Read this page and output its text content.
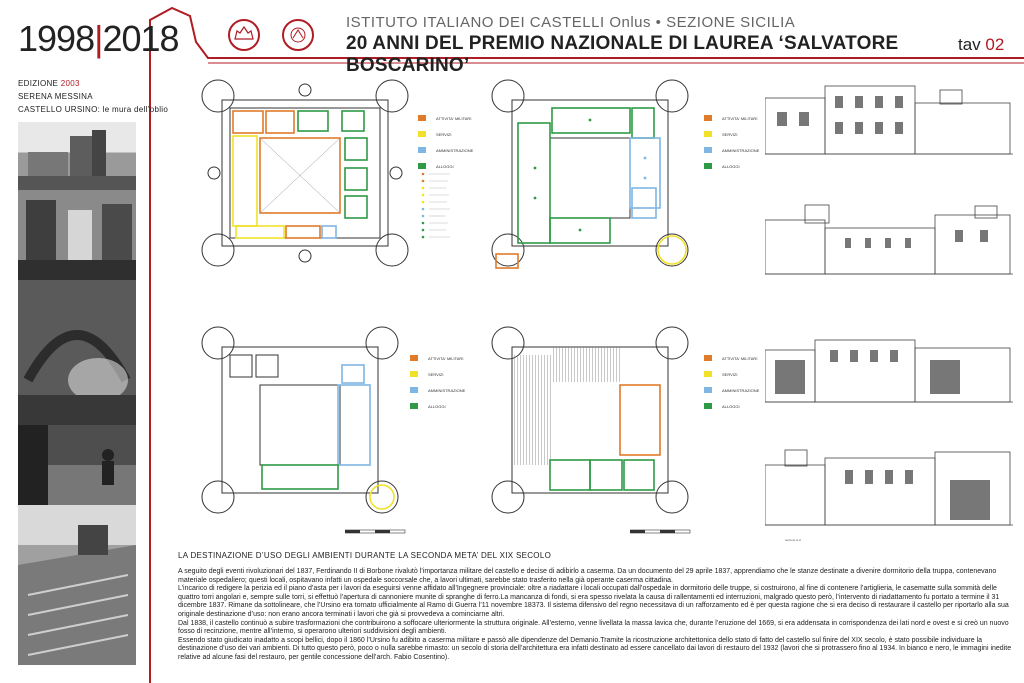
1998|2018	ISTITUTO ITALIANO DEI CASTELLI Onlus • SEZIONE SICILIA
20 ANNI DEL PREMIO NAZIONALE DI LAUREA ‘SALVATORE BOSCARINO’
tav 02
EDIZIONE 2003
SERENA MESSINA
CASTELLO URSINO: le mura dell’oblio
ATTIVITA' MILITARI
SERVIZI
AMMINISTRAZIONE
ALLOGGI
ATTIVITA' MILITARI
SERVIZI
AMMINISTRAZIONE
ALLOGGI
ATTIVITA' MILITARI
SERVIZI
AMMINISTRAZIONE
ALLOGGI
ATTIVITA' MILITARI
SERVIZI
AMMINISTRAZIONE
ALLOGGI
sezione A-A
LA DESTINAZIONE D’USO DEGLI AMBIENTI DURANTE LA SECONDA META’ DEL XIX SECOLO

A seguito degli eventi rivoluzionari del 1837, Ferdinando II di Borbone rivalutò l’importanza militare del castello e decise di adibirlo a caserma. Da un documento del 29 aprile 1837, apprendiamo che le stanze destinate a divenire dormitorio della truppa, contenevano materiale ospedaliero; questi locali, ospitavano infatti un ospedale soccorsale che, a lavori ultimati, sarebbe stato trasferito nella già operante caserma cittadina.

L’incarico di redigere la perizia ed il piano d’asta per i lavori da eseguirsi venne affidato all’Ingegnere provinciale: oltre a riadattare i locali occupati dall’ospedale in dormitorio delle truppe, si costruirono, al fine di contenere l’artiglieria, le casematte sulla sommità delle quattro torri angolari e, sempre sulle torri, si effettuò l’apertura di cannoniere munite di spranghe di ferro.La mancanza di fondi, si era spesso rivelata la causa di rallentamenti ed interruzioni, malgrado questo però, l’intervento di riadattamento fu portato a termine il 31 dicembre 1837. Rimane da sottolineare, che l’Ursino era tornato ufficialmente al Ramo di Guerra l’11 novembre 18373. Il sistema difensivo del regno necessitava di un rafforzamento ed è per questa ragione che si era deciso di restaurare il castello per riportarlo alla sua originale destinazione d’uso: non erano ancora terminati i lavori che già si provvedeva a cominciarne altri.

Dal 1838, il castello continuò a subire trasformazioni che contribuirono a soffocare ulteriormente la struttura originale. All’esterno, venne livellata la massa lavica che, durante l’eruzione del 1669, si era addensata in corrispondenza dei lati nord e ovest e si creò un nuovo fosso di recinzione, mentre all’interno, si operarono ulteriori suddivisioni degli ambienti.

Essendo stato giudicato inadatto a scopi bellici, dopo il 1860 l’Ursino fu adibito a caserma militare e passò alle dipendenze del Demanio.Tramite la ricostruzione architettonica dello stato di fatto del castello sul finire del XIX secolo, è stato possibile individuare la destinazione d’uso dei vari ambienti. Di tutto questo però, poco o nulla sarebbe rimasto: un secolo di storia dell’architettura era infatti destinato ad essere cancellato dai lavori di restauro del 1932 (lavori che si protrassero fino al 1934. In bianco e nero, le immagini inedite relative ad alcune fasi del restauro, per gentile concessione dell’arch. Fabio Cosentino).
